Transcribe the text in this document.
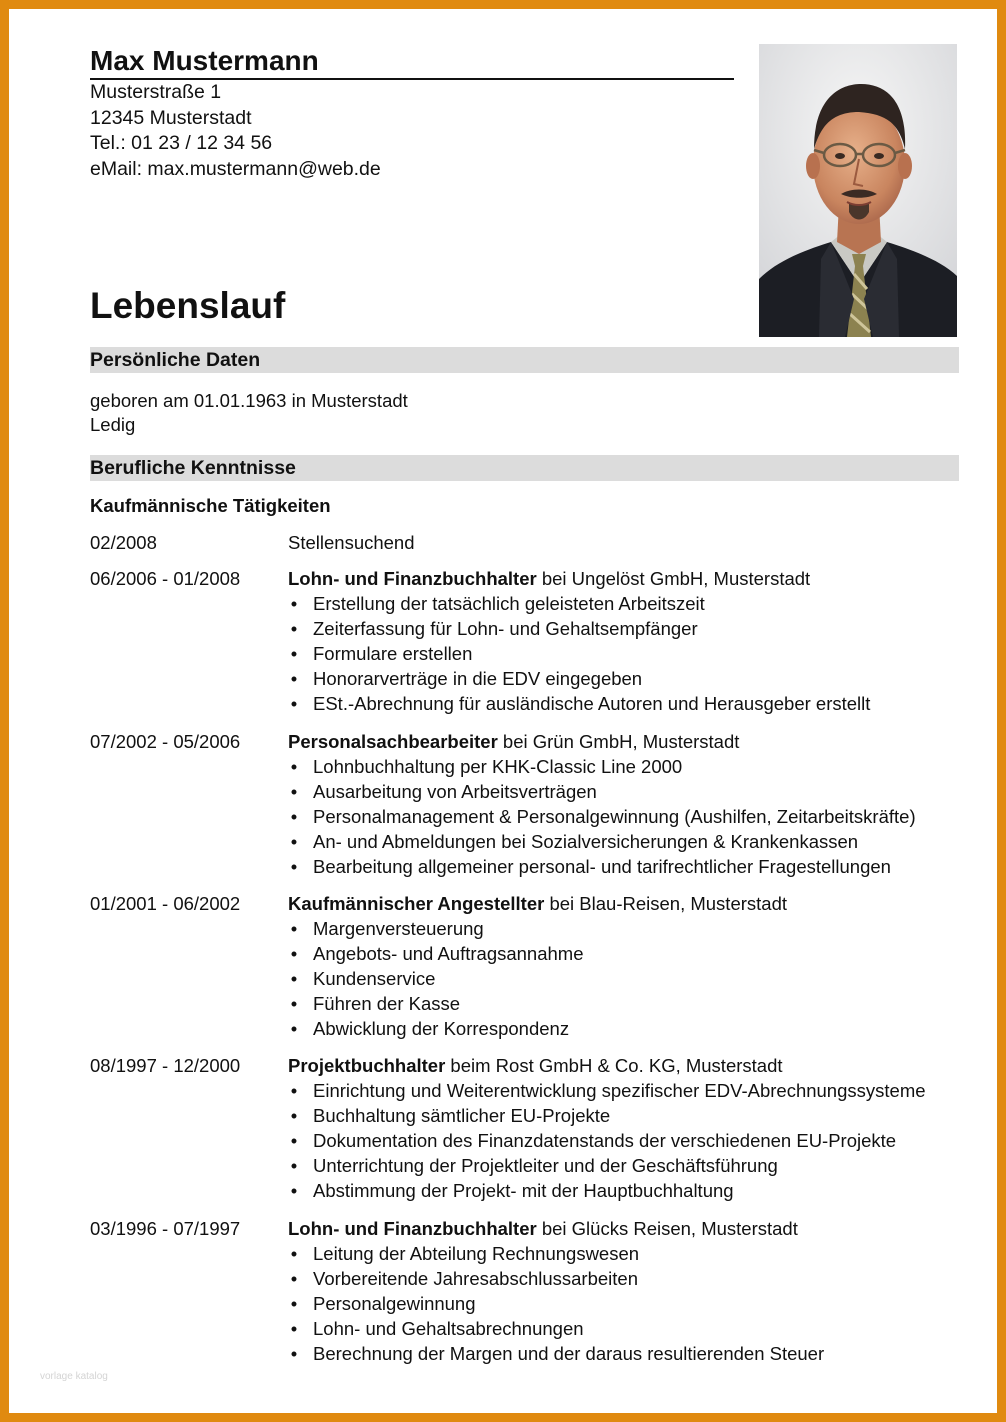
Max Mustermann
Musterstraße 1
12345 Musterstadt
Tel.: 01 23 / 12 34 56
eMail: max.mustermann@web.de
Lebenslauf
Persönliche Daten
geboren am 01.01.1963 in Musterstadt
Ledig
Berufliche Kenntnisse
Kaufmännische Tätigkeiten
02/2008	Stellensuchend
06/2006 - 01/2008	Lohn- und Finanzbuchhalter bei Ungelöst GmbH, Musterstadt
• Erstellung der tatsächlich geleisteten Arbeitszeit
• Zeiterfassung für Lohn- und Gehaltsempfänger
• Formulare erstellen
• Honorarverträge in die EDV eingegeben
• ESt.-Abrechnung für ausländische Autoren und Herausgeber erstellt
07/2002 - 05/2006	Personalsachbearbeiter bei Grün GmbH, Musterstadt
• Lohnbuchhaltung per KHK-Classic Line 2000
• Ausarbeitung von Arbeitsverträgen
• Personalmanagement & Personalgewinnung (Aushilfen, Zeitarbeitskräfte)
• An- und Abmeldungen bei Sozialversicherungen & Krankenkassen
• Bearbeitung allgemeiner personal- und tarifrechtlicher Fragestellungen
01/2001 - 06/2002	Kaufmännischer Angestellter bei Blau-Reisen, Musterstadt
• Margenversteuerung
• Angebots- und Auftragsannahme
• Kundenservice
• Führen der Kasse
• Abwicklung der Korrespondenz
08/1997 - 12/2000	Projektbuchhalter beim Rost GmbH & Co. KG, Musterstadt
• Einrichtung und Weiterentwicklung spezifischer EDV-Abrechnungssysteme
• Buchhaltung sämtlicher EU-Projekte
• Dokumentation des Finanzdatenstands der verschiedenen EU-Projekte
• Unterrichtung der Projektleiter und der Geschäftsführung
• Abstimmung der Projekt- mit der Hauptbuchhaltung
03/1996 - 07/1997	Lohn- und Finanzbuchhalter bei Glücks Reisen, Musterstadt
• Leitung der Abteilung Rechnungswesen
• Vorbereitende Jahresabschlussarbeiten
• Personalgewinnung
• Lohn- und Gehaltsabrechnungen
• Berechnung der Margen und der daraus resultierenden Steuer
vorlage katalog
